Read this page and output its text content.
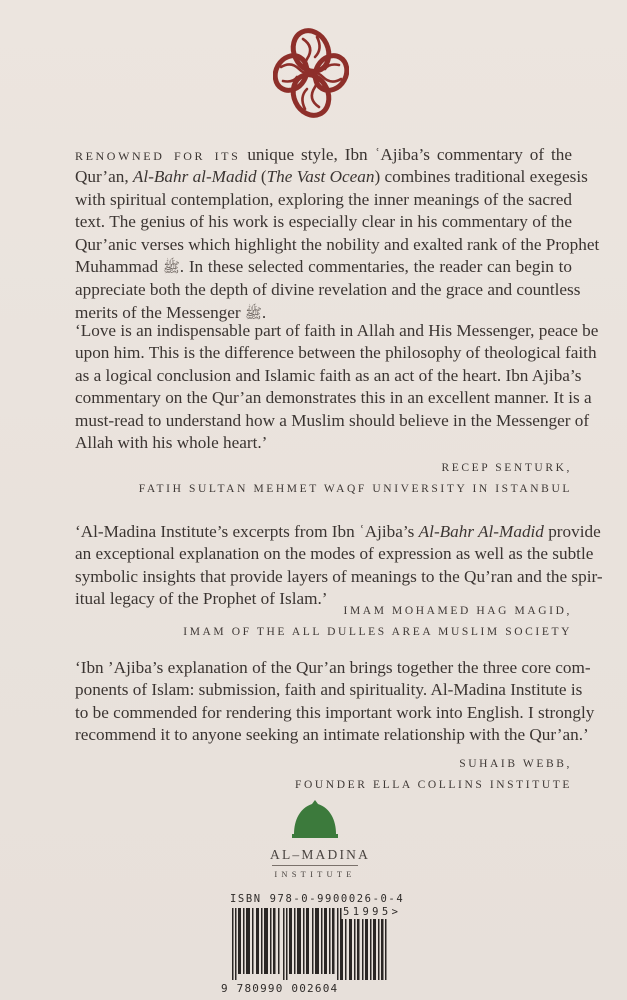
renowned for its unique style, Ibn ʿAjiba’s commentary of the
Qur’an, Al-Bahr al-Madid (The Vast Ocean) combines traditional exegesis
with spiritual contemplation, exploring the inner meanings of the sacred
text. The genius of his work is especially clear in his commentary of the
Qur’anic verses which highlight the nobility and exalted rank of the Prophet
Muhammad ﷺ. In these selected commentaries, the reader can begin to
appreciate both the depth of divine revelation and the grace and countless
merits of the Messenger ﷺ.
‘Love is an indispensable part of faith in Allah and His Messenger, peace be
upon him. This is the difference between the philosophy of theological faith
as a logical conclusion and Islamic faith as an act of the heart. Ibn Ajiba’s
commentary on the Qur’an demonstrates this in an excellent manner. It is a
must-read to understand how a Muslim should believe in the Messenger of
Allah with his whole heart.’
RECEP SENTURK,
FATIH SULTAN MEHMET WAQF UNIVERSITY IN ISTANBUL
‘Al-Madina Institute’s excerpts from Ibn ʿAjiba’s Al-Bahr Al-Madid provide
an exceptional explanation on the modes of expression as well as the subtle
symbolic insights that provide layers of meanings to the Qu’ran and the spir-
itual legacy of the Prophet of Islam.’
IMAM MOHAMED HAG MAGID,
IMAM OF THE ALL DULLES AREA MUSLIM SOCIETY
‘Ibn ’Ajiba’s explanation of the Qur’an brings together the three core com-
ponents of Islam: submission, faith and spirituality. Al-Madina Institute is
to be commended for rendering this important work into English. I strongly
recommend it to anyone seeking an intimate relationship with the Qur’an.’
SUHAIB WEBB,
FOUNDER ELLA COLLINS INSTITUTE
AL–MADINA
INSTITUTE
ISBN 978-0-9900026-0-4
51995>
9 780990 002604
